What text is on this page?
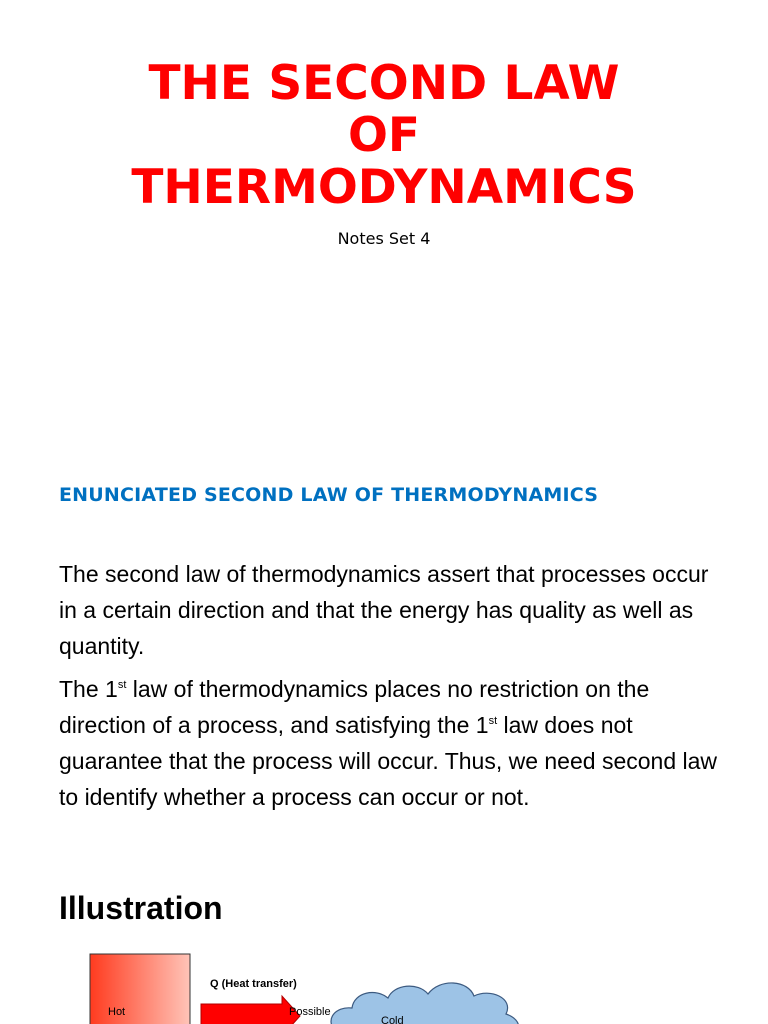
THE SECOND LAW
OF
THERMODYNAMICS
Notes Set 4
ENUNCIATED SECOND LAW OF THERMODYNAMICS

The second law of thermodynamics assert that processes occur in a certain direction and that the energy has quality as well as quantity.

The 1st law of thermodynamics places no restriction on the direction of a process, and satisfying the 1st law does not guarantee that the process will occur. Thus, we need second law to identify whether a process can occur or not.

Illustration
Hot
Q (Heat transfer)
Possible
Cold
